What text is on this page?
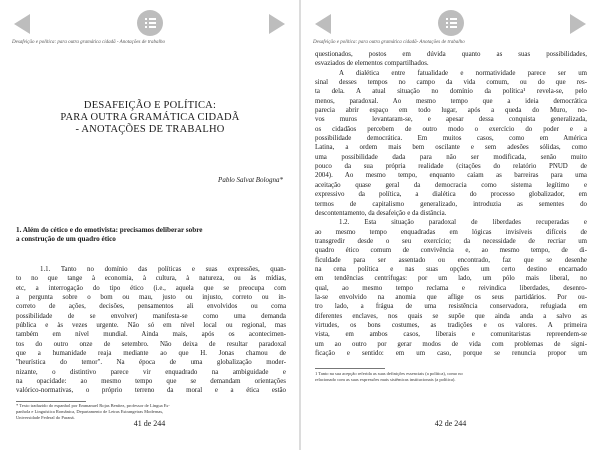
Desafeição e política: para outra gramática cidadã - Anotações de trabalho
DESAFEIÇÃO E POLÍTICA:
PARA OUTRA GRAMÁTICA CIDADÃ
- ANOTAÇÕES DE TRABALHO
Pablo Salvat Bologna*
1. Além do cético e do emotivista: precisamos deliberar sobre
a construção de um quadro ético
1.1. Tanto no domínio das políticas e suas expressões, quan-
to no que tange à economia, à cultura, à natureza, ou às mídias,
etc, a interrogação do tipo ético (i.e., aquela que se preocupa com
a pergunta sobre o bom ou mau, justo ou injusto, correto ou in-
correto de ações, decisões, pensamentos ali envolvidos ou coma
possibilidade de se envolver) manifesta-se como uma demanda
pública e às vezes urgente. Não só em nível local ou regional, mas
também em nível mundial. Ainda mais, após os acontecimen-
tos do outro onze de setembro. Não deixa de resultar paradoxal
que a humanidade reaja mediante ao que H. Jonas chamou de
"heurística do temor". Na época de uma globalização moder-
nizante, o distintivo parece vir enquadrado na ambiguidade e
na opacidade: ao mesmo tempo que se demandam orientações
valórico-normativas, o próprio terreno da moral e a ética estão
* Texto traduzido do espanhol por Emmanuel Rojas Benítez, professor de Língua Es-
panhola e Linguística Românica, Departamento de Letras Estrangeiras Modernas,
Universidade Federal do Paraná.
41 de 244
Desafeição e política: para outra gramática cidadã- Anotações de trabalho
questionados, postos em dúvida quanto as suas possibilidades,
esvaziados de elementos compartilhados.
A dialética entre fatualidade e normatividade parece ser um
sinal desses tempos no campo da vida comum, ou do que res-
ta dela. A atual situação no domínio da política¹ revela-se, pelo
menos, paradoxal. Ao mesmo tempo que a ideia democrática
parecia abrir espaço em todo lugar, após a queda do Muro, no-
vos muros levantaram-se, e apesar dessa conquista generalizada,
os cidadãos percebem de outro modo o exercício do poder e a
possibilidade democrática. Em muitos casos, como em América
Latina, a ordem mais bem oscilante e sem adesões sólidas, como
uma possibilidade dada para não ser modificada, senão muito
pouco da sua própria realidade (citações do relatório PNUD de
2004). Ao mesmo tempo, enquanto caíam as barreiras para uma
aceitação quase geral da democracia como sistema legítimo e
expressivo da política, a dialética do processo globalizador, em
termos de capitalismo generalizado, introduzia as sementes do
descontentamento, da desafeição e da distância.
1.2. Esta situação paradoxal de liberdades recuperadas e
ao mesmo tempo enquadradas em lógicas invisíveis difíceis de
transgredir desde o seu exercício; da necessidade de recriar um
quadro ético comum de convivência e, ao mesmo tempo, de di-
ficuldade para ser assentado ou encontrado, faz que se desenhe
na cena política e nas suas opções um certo destino encarnado
em tendências centrífugas: por um lado, um pólo mais liberal, no
qual, ao mesmo tempo reclama e reivindica liberdades, desenro-
la-se envolvido na anomia que aflige os seus partidários. Por ou-
tro lado, a frágua de uma resistência conservadora, refugiada em
diferentes enclaves, nos quais se supõe que ainda anda a salvo as
virtudes, os bons costumes, as tradições e os valores. A primeira
vista, em ambos casos, liberais e comunitaristas repreendem-se
um ao outro por gerar modos de vida com problemas de signi-
ficação e sentido: em um caso, porque se renuncia propor um
1 Tanto na sua acepção referida as suas definições essenciais (a política), como no
relacionado com as suas expressões mais sistêmicas institucionais (a política).
42 de 244
